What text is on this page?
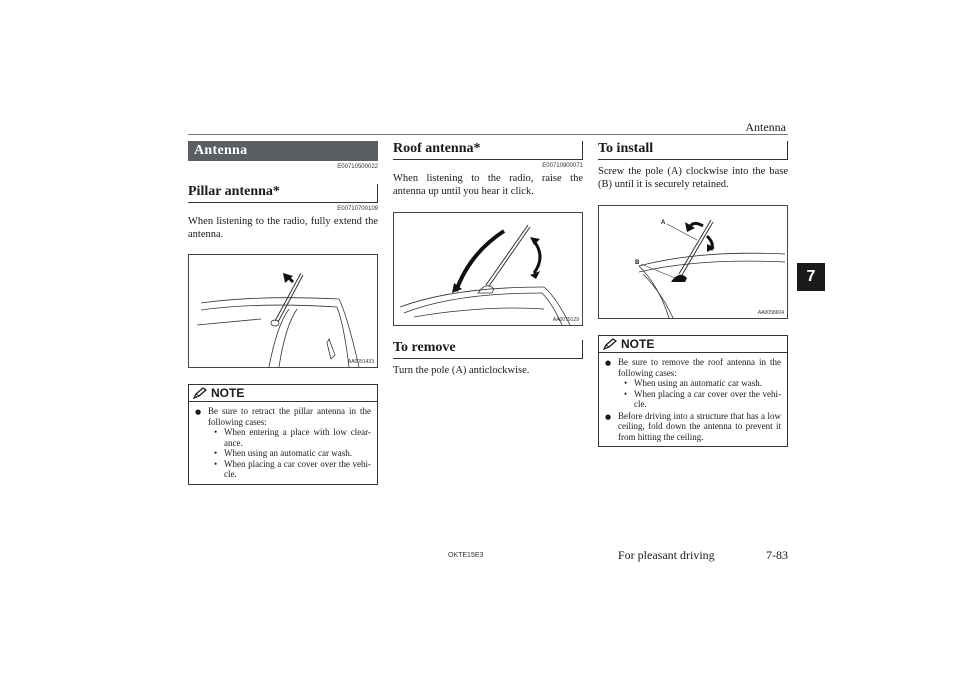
Antenna
7
Antenna
E00710500022
Pillar antenna*
E00710700109
When listening to the radio, fully extend the antenna.
AA0051433
NOTE
● Be sure to retract the pillar antenna in the following cases:
• When entering a place with low clear-ance.
• When using an automatic car wash.
• When placing a car cover over the vehi-cle.
Roof antenna*
E00710900071
When listening to the radio, raise the antenna up until you hear it click.
AA0079129
To remove
Turn the pole (A) anticlockwise.
To install
Screw the pole (A) clockwise into the base (B) until it is securely retained.
A
B
AA0058604
NOTE
● Be sure to remove the roof antenna in the following cases:
• When using an automatic car wash.
• When placing a car cover over the vehi-cle.
● Before driving into a structure that has a low ceiling, fold down the antenna to prevent it from hitting the ceiling.
OKTE15E3	For pleasant driving	7-83
